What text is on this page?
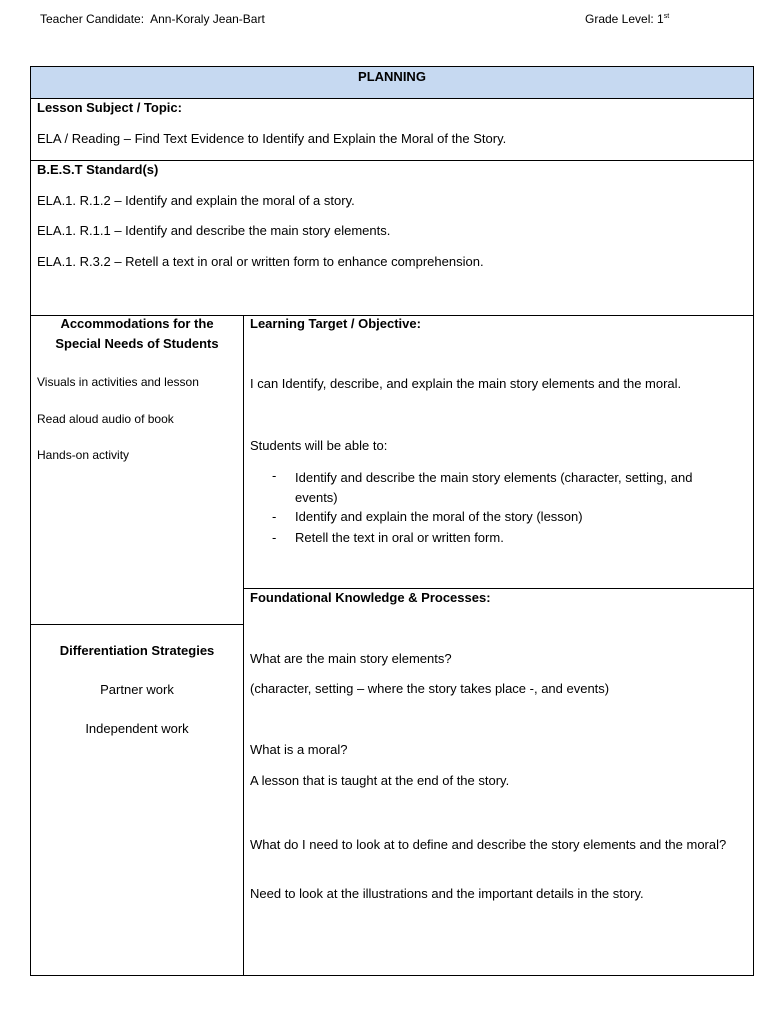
Teacher Candidate: Ann-Koraly Jean-Bart	Grade Level: 1st
PLANNING
Lesson Subject / Topic:
ELA / Reading – Find Text Evidence to Identify and Explain the Moral of the Story.
B.E.S.T Standard(s)
ELA.1. R.1.2 – Identify and explain the moral of a story.
ELA.1. R.1.1 – Identify and describe the main story elements.
ELA.1. R.3.2 – Retell a text in oral or written form to enhance comprehension.
Accommodations for the
Special Needs of Students
Visuals in activities and lesson
Read aloud audio of book
Hands-on activity
Learning Target / Objective:
I can Identify, describe, and explain the main story elements and the moral.
Students will be able to:
- Identify and describe the main story elements (character, setting, and events)
- Identify and explain the moral of the story (lesson)
- Retell the text in oral or written form.
Differentiation Strategies
Partner work
Independent work
Foundational Knowledge & Processes:
What are the main story elements?
(character, setting – where the story takes place -, and events)
What is a moral?
A lesson that is taught at the end of the story.
What do I need to look at to define and describe the story elements and the moral?
Need to look at the illustrations and the important details in the story.
